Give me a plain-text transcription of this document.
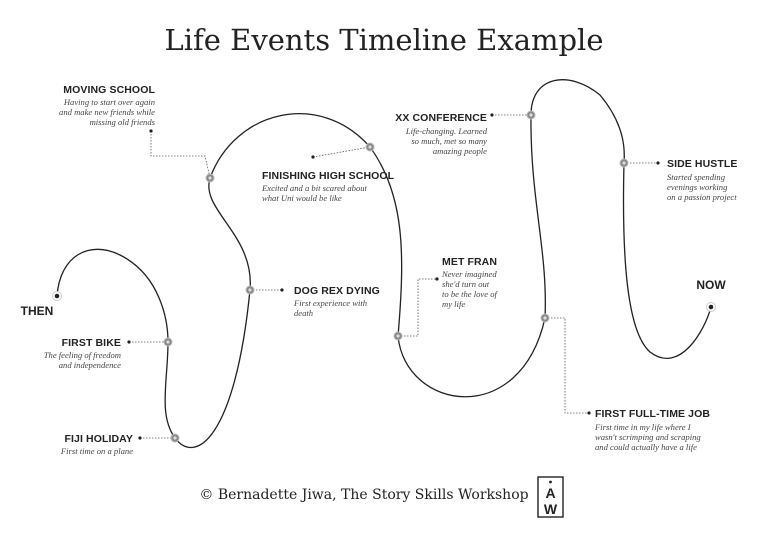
Life Events Timeline Example
THEN
NOW
MOVING SCHOOL
Having to start over again
and make new friends while
missing old friends
FINISHING HIGH SCHOOL
Excited and a bit scared about
what Uni would be like
DOG REX DYING
First experience with
death
FIRST BIKE
The feeling of freedom
and independence
FIJI HOLIDAY
First time on a plane
XX CONFERENCE
Life-changing. Learned
so much, met so many
amazing people
MET FRAN
Never imagined
she'd turn out
to be the love of
my life
SIDE HUSTLE
Started spending
evenings working
on a passion project
FIRST FULL-TIME JOB
First time in my life where I
wasn't scrimping and scraping
and could actually have a life
© Bernadette Jiwa, The Story Skills Workshop A
W
